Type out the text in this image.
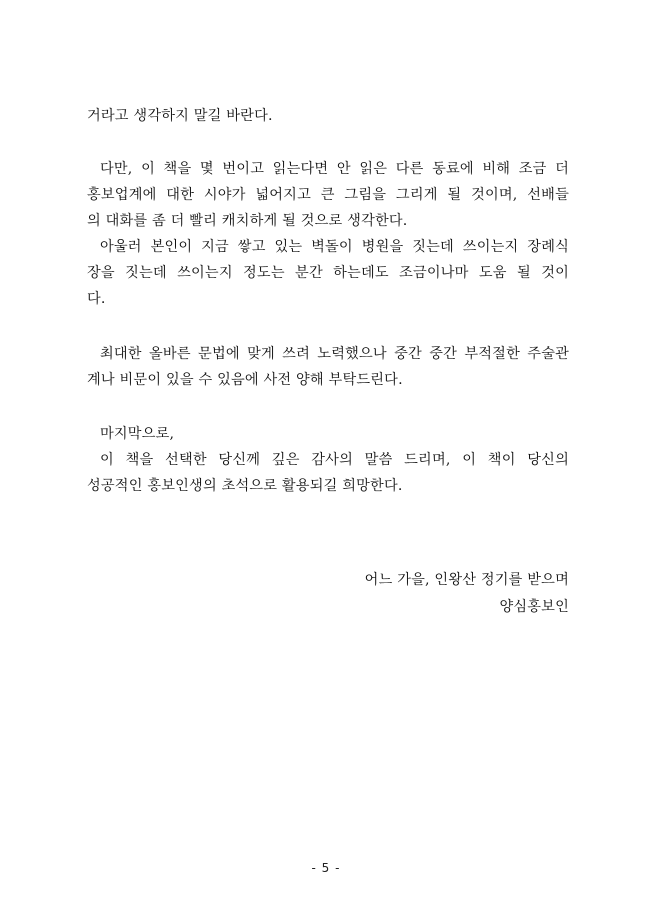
거라고 생각하지 말길 바란다.
다만, 이 책을 몇 번이고 읽는다면 안 읽은 다른 동료에 비해 조금 더
홍보업계에 대한 시야가 넓어지고 큰 그림을 그리게 될 것이며, 선배들
의 대화를 좀 더 빨리 캐치하게 될 것으로 생각한다.
아울러 본인이 지금 쌓고 있는 벽돌이 병원을 짓는데 쓰이는지 장례식
장을 짓는데 쓰이는지 정도는 분간 하는데도 조금이나마 도움 될 것이
다.
최대한 올바른 문법에 맞게 쓰려 노력했으나 중간 중간 부적절한 주술관
계나 비문이 있을 수 있음에 사전 양해 부탁드린다.
마지막으로,
이 책을 선택한 당신께 깊은 감사의 말씀 드리며, 이 책이 당신의
성공적인 홍보인생의 초석으로 활용되길 희망한다.
어느 가을, 인왕산 정기를 받으며
양심홍보인
- 5 -
